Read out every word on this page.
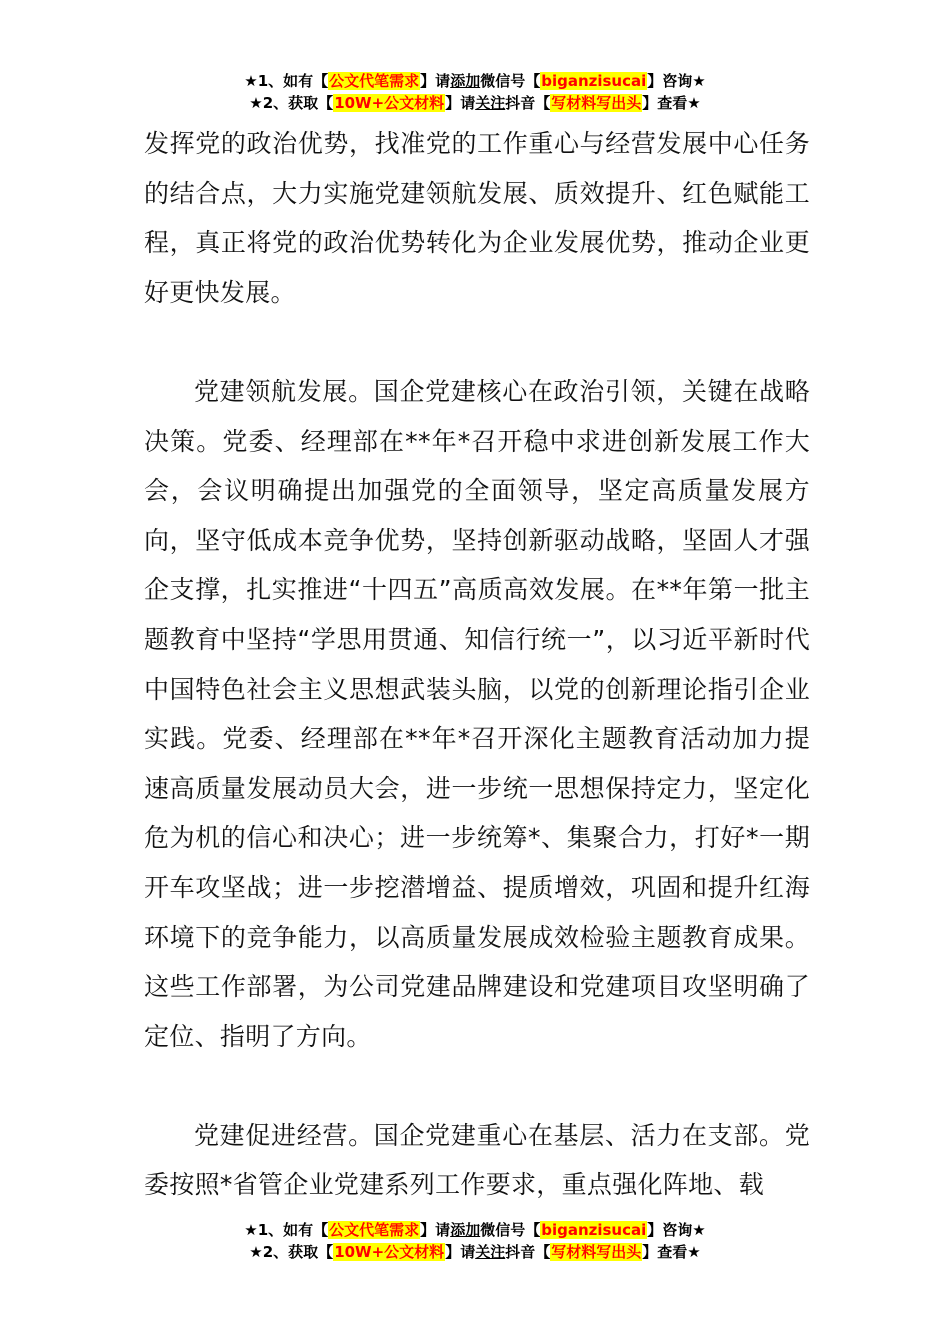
★1、如有【公文代笔需求】请添加微信号【biganzisucai】咨询★
★2、获取【10W+公文材料】请关注抖音【写材料写出头】查看★

发挥党的政治优势，找准党的工作重心与经营发展中心任务的结合点，大力实施党建领航发展、质效提升、红色赋能工程，真正将党的政治优势转化为企业发展优势，推动企业更好更快发展。

党建领航发展。国企党建核心在政治引领，关键在战略决策。党委、经理部在**年*召开稳中求进创新发展工作大会，会议明确提出加强党的全面领导，坚定高质量发展方向，坚守低成本竞争优势，坚持创新驱动战略，坚固人才强企支撑，扎实推进“十四五”高质高效发展。在**年第一批主题教育中坚持“学思用贯通、知信行统一”，以习近平新时代中国特色社会主义思想武装头脑，以党的创新理论指引企业实践。党委、经理部在**年*召开深化主题教育活动加力提速高质量发展动员大会，进一步统一思想保持定力，坚定化危为机的信心和决心；进一步统筹*、集聚合力，打好*一期开车攻坚战；进一步挖潜增益、提质增效，巩固和提升红海环境下的竞争能力，以高质量发展成效检验主题教育成果。这些工作部署，为公司党建品牌建设和党建项目攻坚明确了定位、指明了方向。

党建促进经营。国企党建重心在基层、活力在支部。党委按照*省管企业党建系列工作要求，重点强化阵地、载

★1、如有【公文代笔需求】请添加微信号【biganzisucai】咨询★
★2、获取【10W+公文材料】请关注抖音【写材料写出头】查看★
